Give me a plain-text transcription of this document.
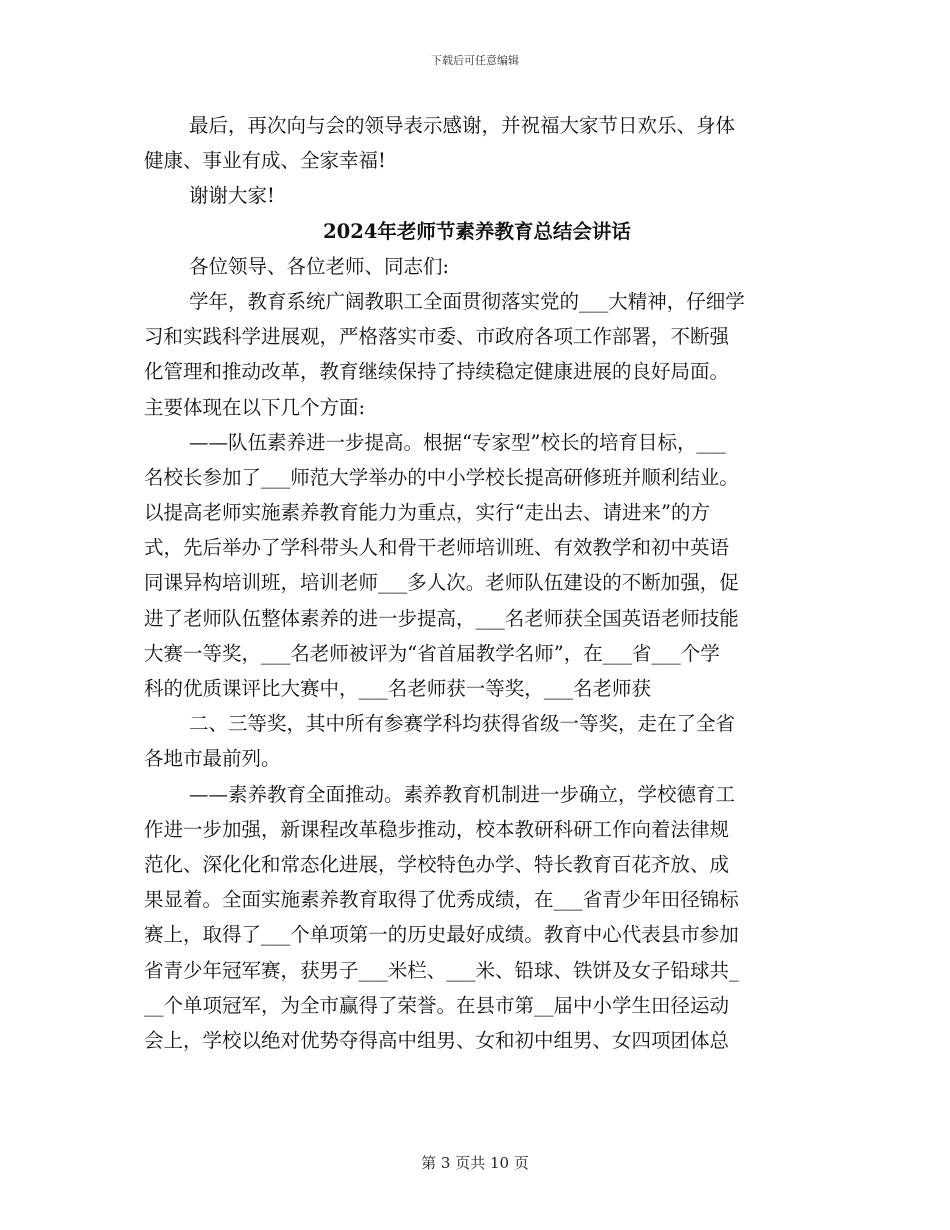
下载后可任意编辑
最后，再次向与会的领导表示感谢，并祝福大家节日欢乐、身体
健康、事业有成、全家幸福!
谢谢大家!
2024年老师节素养教育总结会讲话
各位领导、各位老师、同志们:
学年，教育系统广阔教职工全面贯彻落实党的___大精神，仔细学
习和实践科学进展观，严格落实市委、市政府各项工作部署，不断强
化管理和推动改革，教育继续保持了持续稳定健康进展的良好局面。
主要体现在以下几个方面:
——队伍素养进一步提高。根据“专家型”校长的培育目标，___
名校长参加了___师范大学举办的中小学校长提高研修班并顺利结业。
以提高老师实施素养教育能力为重点，实行“走出去、请进来”的方
式，先后举办了学科带头人和骨干老师培训班、有效教学和初中英语
同课异构培训班，培训老师___多人次。老师队伍建设的不断加强，促
进了老师队伍整体素养的进一步提高，___名老师获全国英语老师技能
大赛一等奖，___名老师被评为“省首届教学名师”，在___省___个学
科的优质课评比大赛中，___名老师获一等奖，___名老师获
二、三等奖，其中所有参赛学科均获得省级一等奖，走在了全省
各地市最前列。
——素养教育全面推动。素养教育机制进一步确立，学校德育工
作进一步加强，新课程改革稳步推动，校本教研科研工作向着法律规
范化、深化化和常态化进展，学校特色办学、特长教育百花齐放、成
果显着。全面实施素养教育取得了优秀成绩，在___省青少年田径锦标
赛上，取得了___个单项第一的历史最好成绩。教育中心代表县市参加
省青少年冠军赛，获男子___米栏、___米、铅球、铁饼及女子铅球共_
__个单项冠军，为全市赢得了荣誉。在县市第__届中小学生田径运动
会上，学校以绝对优势夺得高中组男、女和初中组男、女四项团体总
第 3 页共 10 页
